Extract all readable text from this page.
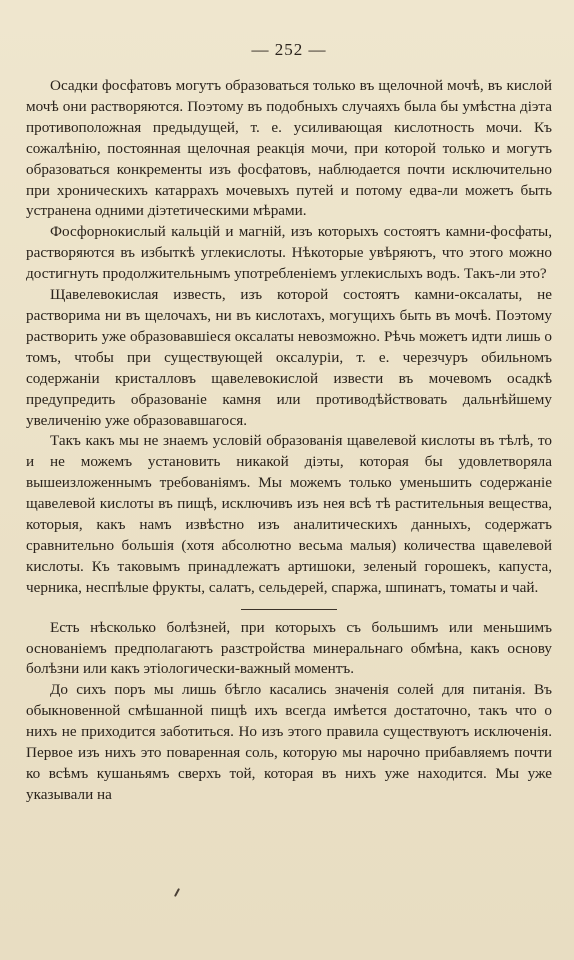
— 252 —

Осадки фосфатовъ могутъ образоваться только въ щелочной мочѣ, въ кислой мочѣ они растворяются. Поэтому въ подобныхъ случаяхъ была бы умѣстна діэта противоположная предыдущей, т. е. усиливающая кислотность мочи. Къ сожалѣнію, постоянная щелочная реакція мочи, при которой только и могутъ образоваться конкременты изъ фосфатовъ, наблюдается почти исключительно при хроническихъ катаррахъ мочевыхъ путей и потому едва-ли можетъ быть устранена одними діэтетическими мѣрами.

Фосфорнокислый кальцій и магній, изъ которыхъ состоятъ камни-фосфаты, растворяются въ избыткѣ углекислоты. Нѣкоторые увѣряютъ, что этого можно достигнуть продолжительнымъ употребленіемъ углекислыхъ водъ. Такъ-ли это?

Щавелевокислая известь, изъ которой состоятъ камни-оксалаты, не растворима ни въ щелочахъ, ни въ кислотахъ, могущихъ быть въ мочѣ. Поэтому растворить уже образовавшіеся оксалаты невозможно. Рѣчь можетъ идти лишь о томъ, чтобы при существующей оксалуріи, т. е. черезчуръ обильномъ содержаніи кристалловъ щавелевокислой извести въ мочевомъ осадкѣ предупредить образованіе камня или противодѣйствовать дальнѣйшему увеличенію уже образовавшагося.

Такъ какъ мы не знаемъ условій образованія щавелевой кислоты въ тѣлѣ, то и не можемъ установить никакой діэты, которая бы удовлетворяла вышеизложеннымъ требованіямъ. Мы можемъ только уменьшить содержаніе щавелевой кислоты въ пищѣ, исключивъ изъ нея всѣ тѣ растительныя вещества, которыя, какъ намъ извѣстно изъ аналитическихъ данныхъ, содержатъ сравнительно большія (хотя абсолютно весьма малыя) количества щавелевой кислоты. Къ таковымъ принадлежатъ артишоки, зеленый горошекъ, капуста, черника, неспѣлые фрукты, салатъ, сельдерей, спаржа, шпинатъ, томаты и чай.

Есть нѣсколько болѣзней, при которыхъ съ большимъ или меньшимъ основаніемъ предполагаютъ разстройства минеральнаго обмѣна, какъ основу болѣзни или какъ этіологически-важный моментъ.

До сихъ поръ мы лишь бѣгло касались значенія солей для питанія. Въ обыкновенной смѣшанной пищѣ ихъ всегда имѣется достаточно, такъ что о нихъ не приходится заботиться. Но изъ этого правила существуютъ исключенія. Первое изъ нихъ это поваренная соль, которую мы нарочно прибавляемъ почти ко всѣмъ кушаньямъ сверхъ той, которая въ нихъ уже находится. Мы уже указывали на
